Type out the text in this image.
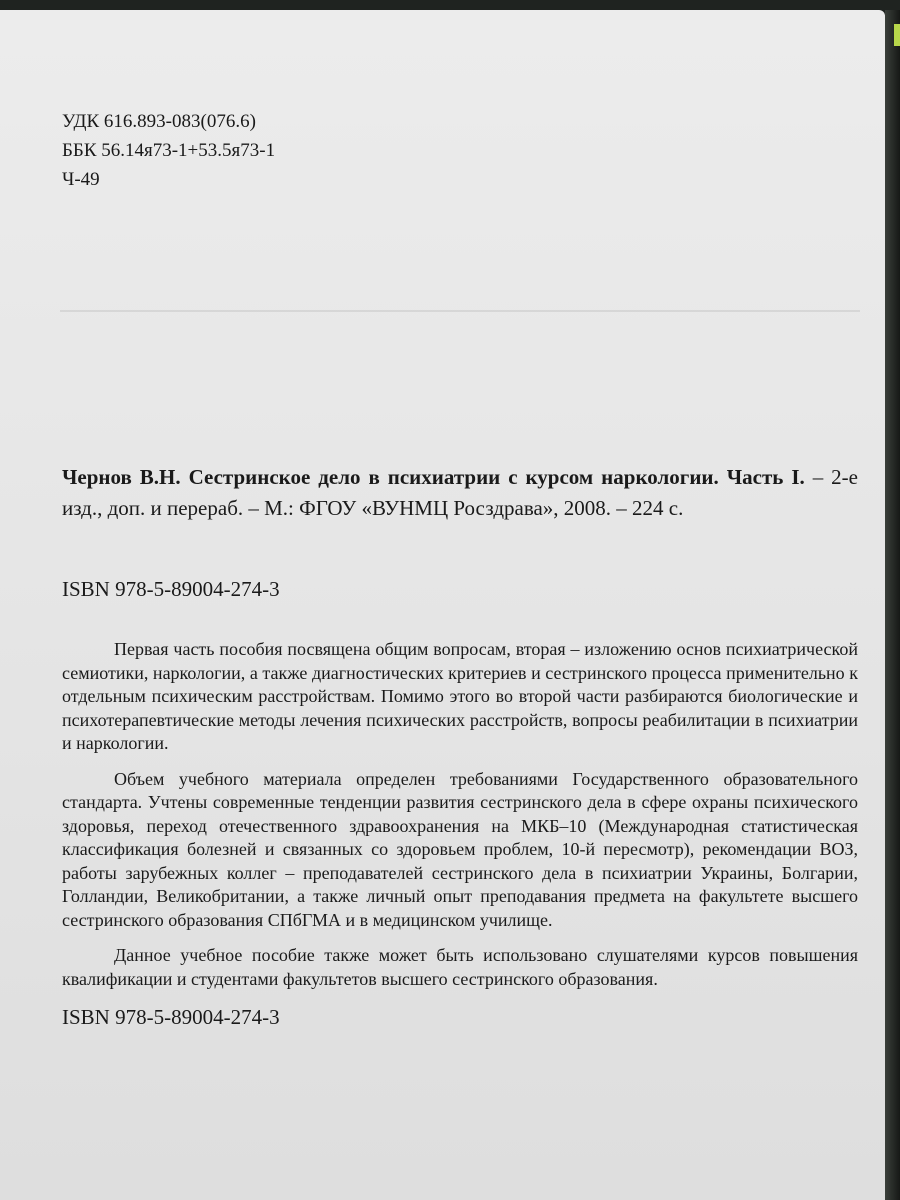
УДК 616.893-083(076.6)
ББК 56.14я73-1+53.5я73-1
Ч-49
Чернов В.Н. Сестринское дело в психиатрии с курсом наркологии. Часть I. – 2-е изд., доп. и перераб. – М.: ФГОУ «ВУНМЦ Росздрава», 2008. – 224 с.
ISBN 978-5-89004-274-3

Первая часть пособия посвящена общим вопросам, вторая – изложению основ психиатрической семиотики, наркологии, а также диагностических критериев и сестринского процесса применительно к отдельным психическим расстройствам. Помимо этого во второй части разбираются биологические и психотерапевтические методы лечения психических расстройств, вопросы реабилитации в психиатрии и наркологии.

Объем учебного материала определен требованиями Государственного образовательного стандарта. Учтены современные тенденции развития сестринского дела в сфере охраны психического здоровья, переход отечественного здравоохранения на МКБ–10 (Международная статистическая классификация болезней и связанных со здоровьем проблем, 10-й пересмотр), рекомендации ВОЗ, работы зарубежных коллег – преподавателей сестринского дела в психиатрии Украины, Болгарии, Голландии, Великобритании, а также личный опыт преподавания предмета на факультете высшего сестринского образования СПбГМА и в медицинском училище.

Данное учебное пособие также может быть использовано слушателями курсов повышения квалификации и студентами факультетов высшего сестринского образования.

ISBN 978-5-89004-274-3
